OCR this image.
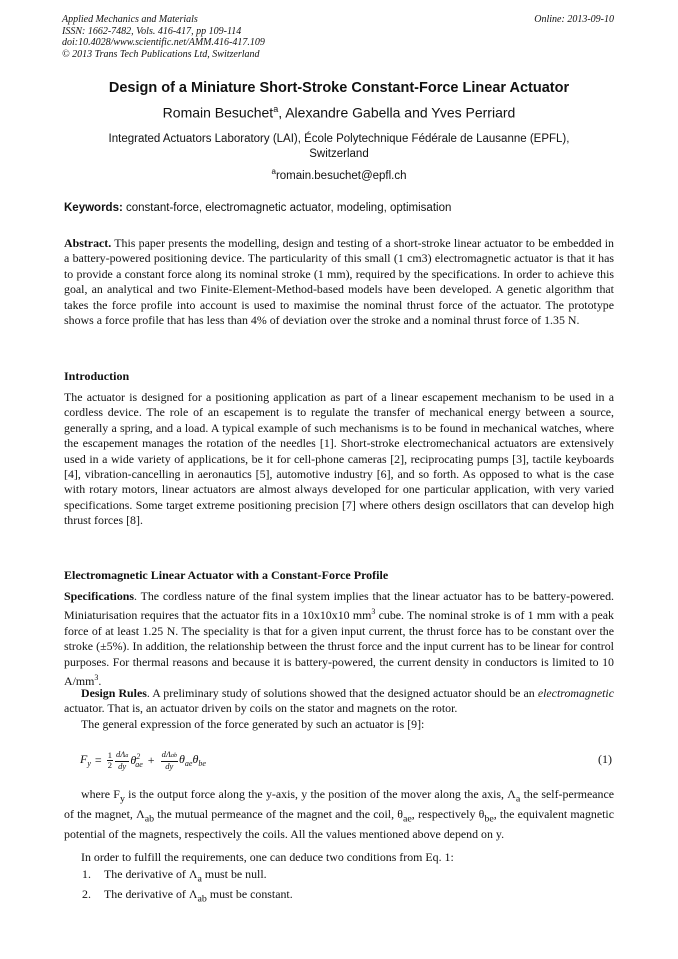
Applied Mechanics and Materials
ISSN: 1662-7482, Vols. 416-417, pp 109-114
doi:10.4028/www.scientific.net/AMM.416-417.109
© 2013 Trans Tech Publications Ltd, Switzerland
Online: 2013-09-10
Design of a Miniature Short-Stroke Constant-Force Linear Actuator
Romain Besuchet$^a$, Alexandre Gabella and Yves Perriard
Integrated Actuators Laboratory (LAI), École Polytechnique Fédérale de Lausanne (EPFL),
Switzerland
$^a$romain.besuchet@epfl.ch
Keywords: constant-force, electromagnetic actuator, modeling, optimisation
Abstract. This paper presents the modelling, design and testing of a short-stroke linear actuator to be embedded in a battery-powered positioning device. The particularity of this small (1 cm3) electromagnetic actuator is that it has to provide a constant force along its nominal stroke (1 mm), required by the specifications. In order to achieve this goal, an analytical and two Finite-Element-Method-based models have been developed. A genetic algorithm that takes the force profile into account is used to maximise the nominal thrust force of the actuator. The prototype shows a force profile that has less than 4% of deviation over the stroke and a nominal thrust force of 1.35 N.
Introduction
The actuator is designed for a positioning application as part of a linear escapement mechanism to be used in a cordless device. The role of an escapement is to regulate the transfer of mechanical energy between a source, generally a spring, and a load. A typical example of such mechanisms is to be found in mechanical watches, where the escapement manages the rotation of the needles [1]. Short-stroke electromechanical actuators are extensively used in a wide variety of applications, be it for cell-phone cameras [2], reciprocating pumps [3], tactile keyboards [4], vibration-cancelling in aeronautics [5], automotive industry [6], and so forth. As opposed to what is the case with rotary motors, linear actuators are almost always developed for one particular application, with very varied specifications. Some target extreme positioning precision [7] where others design oscillators that can develop high thrust forces [8].
Electromagnetic Linear Actuator with a Constant-Force Profile
Specifications. The cordless nature of the final system implies that the linear actuator has to be battery-powered. Miniaturisation requires that the actuator fits in a 10x10x10 $mm^3$ cube. The nominal stroke is of 1 mm with a peak force of at least 1.25 N. The speciality is that for a given input current, the thrust force has to be constant over the stroke (±5%). In addition, the relationship between the thrust force and the input current has to be linear for control purposes. For thermal reasons and because it is battery-powered, the current density in conductors is limited to 10 $A/mm^3$.
Design Rules. A preliminary study of solutions showed that the designed actuator should be an electromagnetic actuator. That is, an actuator driven by coils on the stator and magnets on the rotor.
The general expression of the force generated by such an actuator is [9]:
$F_y = \frac{1}{2} \frac{\text{dΛa}}{dy} \theta^2_{ae} + \frac{\text{dΛab}}{dy} \theta_{ae}\theta_{be}$	(1)
where $F_y$ is the output force along the y-axis, y the position of the mover along the axis, $\Lambda_a$ the self-permeance of the magnet, $\Lambda_{ab}$ the mutual permeance of the magnet and the coil, $\theta_{ae}$, respectively $\theta_{be}$, the equivalent magnetic potential of the magnets, respectively the coils. All the values mentioned above depend on y.
In order to fulfill the requirements, one can deduce two conditions from Eq. 1:
1.	The derivative of $\Lambda_a$ must be null.
2.	The derivative of $\Lambda_{ab}$ must be constant.
